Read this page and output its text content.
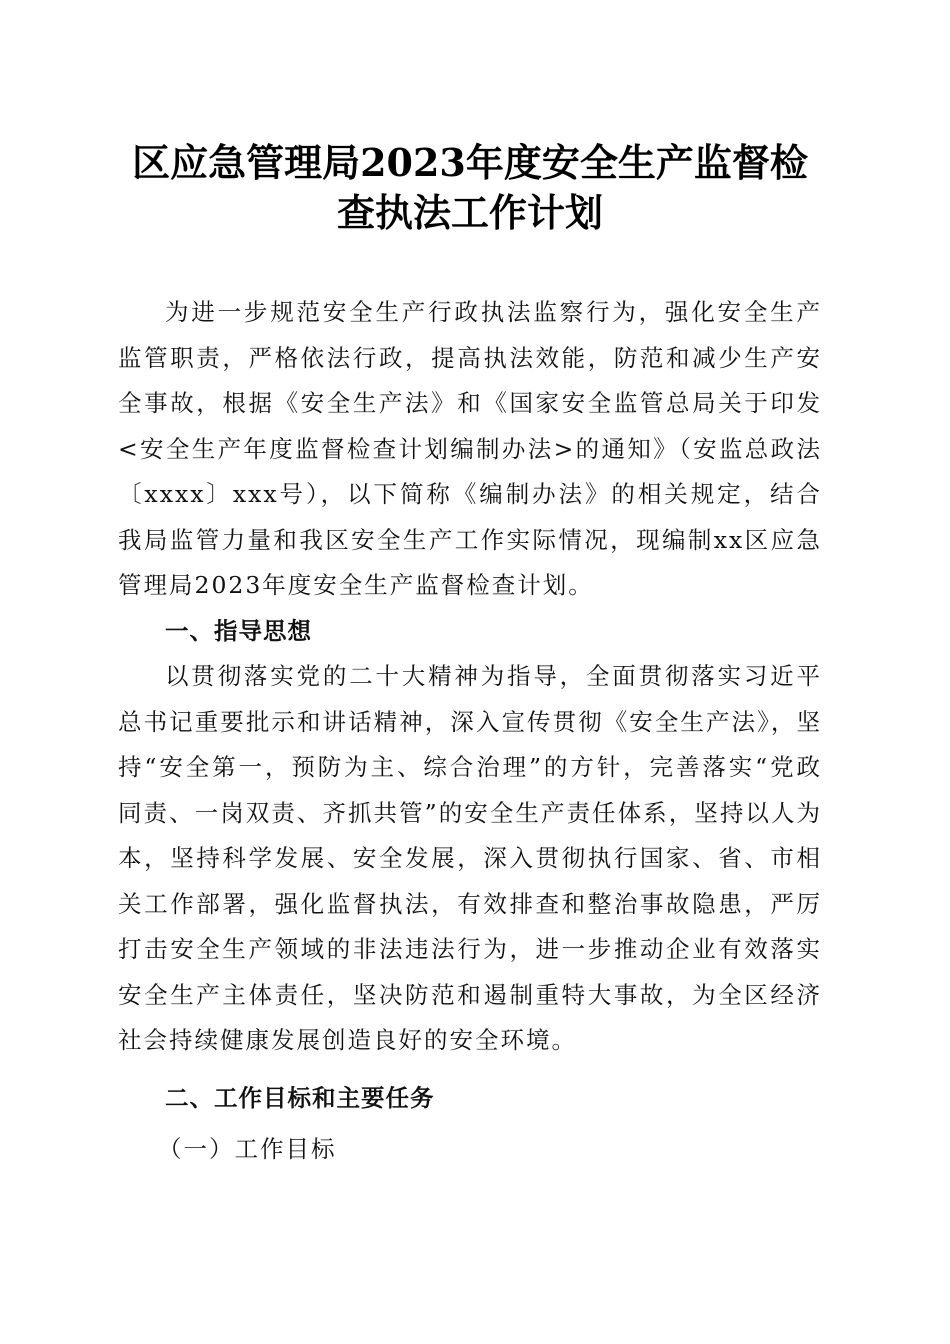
区应急管理局2023年度安全生产监督检查执法工作计划

为进一步规范安全生产行政执法监察行为，强化安全生产监管职责，严格依法行政，提高执法效能，防范和减少生产安全事故，根据《安全生产法》和《国家安全监管总局关于印发<安全生产年度监督检查计划编制办法>的通知》（安监总政法〔xxxx〕xxx号），以下简称《编制办法》的相关规定，结合我局监管力量和我区安全生产工作实际情况，现编制xx区应急管理局2023年度安全生产监督检查计划。

一、指导思想

以贯彻落实党的二十大精神为指导，全面贯彻落实习近平总书记重要批示和讲话精神，深入宣传贯彻《安全生产法》，坚持“安全第一，预防为主、综合治理”的方针，完善落实“党政同责、一岗双责、齐抓共管”的安全生产责任体系，坚持以人为本，坚持科学发展、安全发展，深入贯彻执行国家、省、市相关工作部署，强化监督执法，有效排查和整治事故隐患，严厉打击安全生产领域的非法违法行为，进一步推动企业有效落实安全生产主体责任，坚决防范和遏制重特大事故，为全区经济社会持续健康发展创造良好的安全环境。

二、工作目标和主要任务

（一）工作目标
